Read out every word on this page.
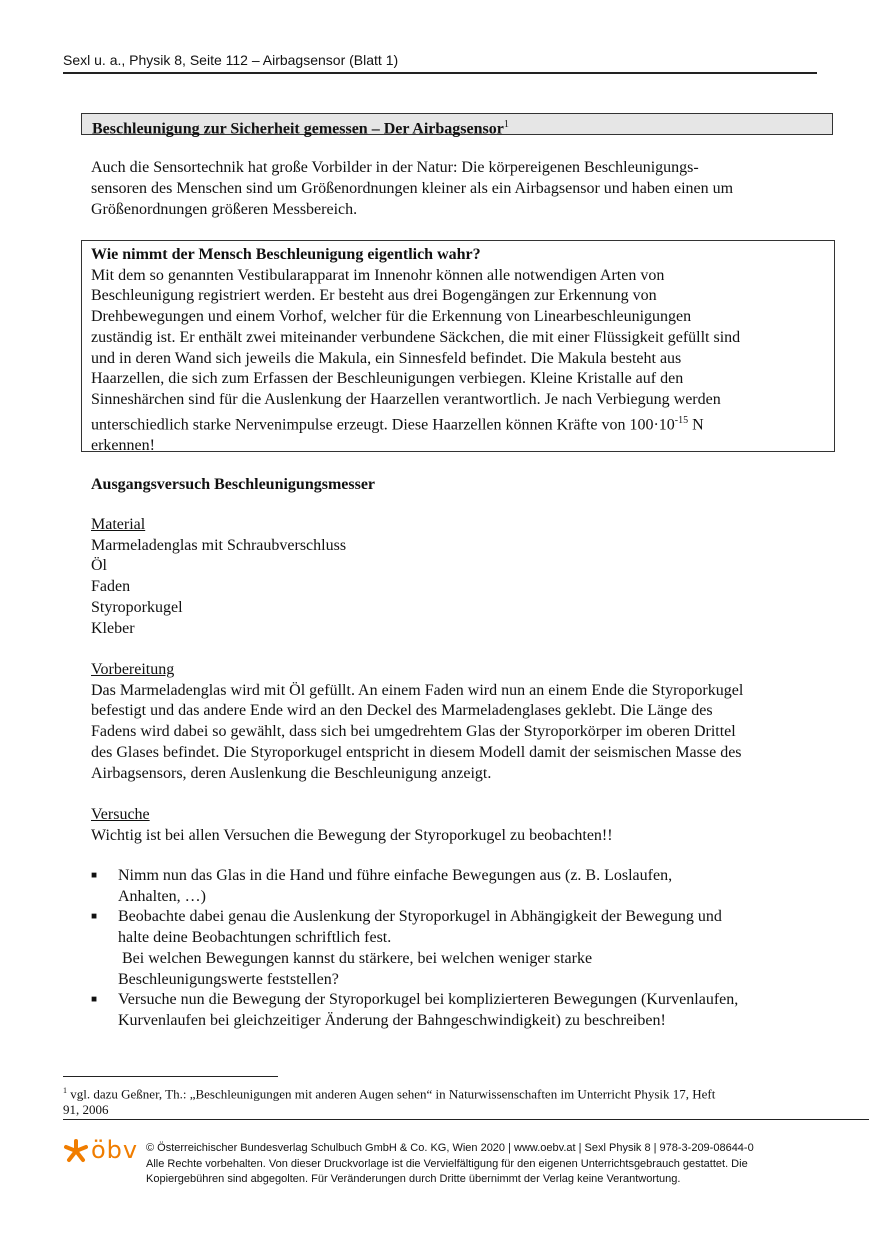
Sexl u. a., Physik 8, Seite 112 – Airbagsensor (Blatt 1)
Beschleunigung zur Sicherheit gemessen – Der Airbagsensor$^1$
Auch die Sensortechnik hat große Vorbilder in der Natur: Die körpereigenen Beschleunigungs-
sensoren des Menschen sind um Größenordnungen kleiner als ein Airbagsensor und haben einen um
Größenordnungen größeren Messbereich.
Wie nimmt der Mensch Beschleunigung eigentlich wahr?
Mit dem so genannten Vestibularapparat im Innenohr können alle notwendigen Arten von
Beschleunigung registriert werden. Er besteht aus drei Bogengängen zur Erkennung von
Drehbewegungen und einem Vorhof, welcher für die Erkennung von Linearbeschleunigungen
zuständig ist. Er enthält zwei miteinander verbundene Säckchen, die mit einer Flüssigkeit gefüllt sind
und in deren Wand sich jeweils die Makula, ein Sinnesfeld befindet. Die Makula besteht aus
Haarzellen, die sich zum Erfassen der Beschleunigungen verbiegen. Kleine Kristalle auf den
Sinneshärchen sind für die Auslenkung der Haarzellen verantwortlich. Je nach Verbiegung werden
unterschiedlich starke Nervenimpulse erzeugt. Diese Haarzellen können Kräfte von $100\cdot 10^{-15}$ N
erkennen!
Ausgangsversuch Beschleunigungsmesser
Material
Marmeladenglas mit Schraubverschluss
Öl
Faden
Styroporkugel
Kleber
Vorbereitung
Das Marmeladenglas wird mit Öl gefüllt. An einem Faden wird nun an einem Ende die Styroporkugel
befestigt und das andere Ende wird an den Deckel des Marmeladenglases geklebt. Die Länge des
Fadens wird dabei so gewählt, dass sich bei umgedrehtem Glas der Styroporkörper im oberen Drittel
des Glases befindet. Die Styroporkugel entspricht in diesem Modell damit der seismischen Masse des
Airbagsensors, deren Auslenkung die Beschleunigung anzeigt.
Versuche
Wichtig ist bei allen Versuchen die Bewegung der Styroporkugel zu beobachten!!
■ Nimm nun das Glas in die Hand und führe einfache Bewegungen aus (z. B. Loslaufen,
Anhalten, …)
■ Beobachte dabei genau die Auslenkung der Styroporkugel in Abhängigkeit der Bewegung und
halte deine Beobachtungen schriftlich fest.
Bei welchen Bewegungen kannst du stärkere, bei welchen weniger starke
Beschleunigungswerte feststellen?
■ Versuche nun die Bewegung der Styroporkugel bei komplizierteren Bewegungen (Kurvenlaufen,
Kurvenlaufen bei gleichzeitiger Änderung der Bahngeschwindigkeit) zu beschreiben!
$^1$ vgl. dazu Geßner, Th.: „Beschleunigungen mit anderen Augen sehen“ in Naturwissenschaften im Unterricht Physik 17, Heft
91, 2006
öbv © Österreichischer Bundesverlag Schulbuch GmbH & Co. KG, Wien 2020 | www.oebv.at | Sexl Physik 8 | 978-3-209-08644-0
Alle Rechte vorbehalten. Von dieser Druckvorlage ist die Vervielfältigung für den eigenen Unterrichtsgebrauch gestattet. Die
Kopiergebühren sind abgegolten. Für Veränderungen durch Dritte übernimmt der Verlag keine Verantwortung.
